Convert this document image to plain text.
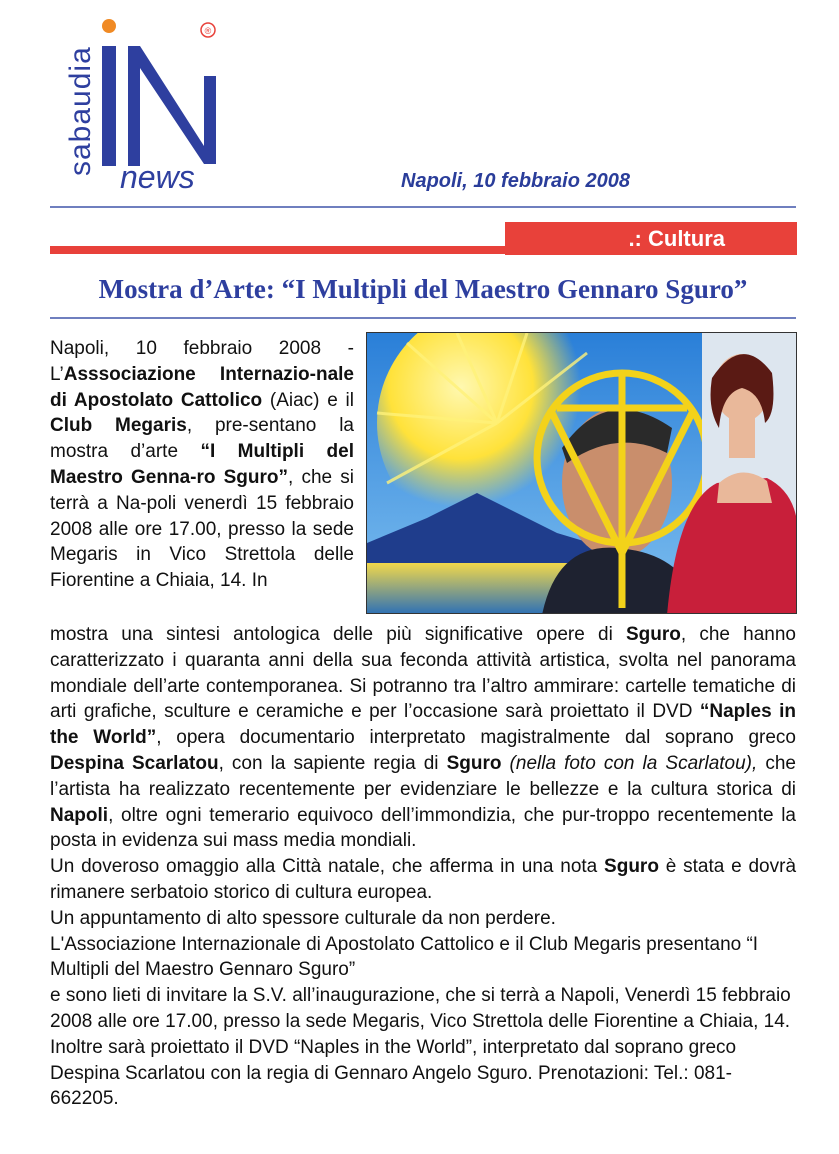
®
sabaudia
news	Napoli, 10 febbraio 2008
.: Cultura
Mostra d’Arte: “I Multipli del Maestro Gennaro Sguro”
Napoli, 10 febbraio 2008 - L’Asssociazione Internazio-nale di Apostolato Cattolico (Aiac) e il Club Megaris, pre-sentano la mostra d’arte “I Multipli del Maestro Genna-ro Sguro”, che si terrà a Na-poli venerdì 15 febbraio 2008 alle ore 17.00, presso la sede Megaris in Vico Strettola delle Fiorentine a Chiaia, 14. In

mostra una sintesi antologica delle più significative opere di Sguro, che hanno caratterizzato i quaranta anni della sua feconda attività artistica, svolta nel panorama mondiale dell’arte contemporanea. Si potranno tra l’altro ammirare: cartelle tematiche di arti grafiche, sculture e ceramiche e per l’occasione sarà proiettato il DVD “Naples in the World”, opera documentario interpretato magistralmente dal soprano greco Despina Scarlatou, con la sapiente regia di Sguro (nella foto con la Scarlatou), che l’artista ha realizzato recentemente per evidenziare le bellezze e la cultura storica di Napoli, oltre ogni temerario equivoco dell’immondizia, che pur-troppo recentemente la posta in evidenza sui mass media mondiali.

Un doveroso omaggio alla Città natale, che afferma in una nota Sguro è stata e dovrà rimanere serbatoio storico di cultura europea.

Un appuntamento di alto spessore culturale da non perdere.

L'Associazione Internazionale di Apostolato Cattolico e il Club Megaris presentano “I Multipli del Maestro Gennaro Sguro”

e sono lieti di invitare la S.V. all’inaugurazione, che si terrà a Napoli, Venerdì 15 febbraio 2008 alle ore 17.00, presso la sede Megaris, Vico Strettola delle Fiorentine a Chiaia, 14. Inoltre sarà proiettato il DVD “Naples in the World”, interpretato dal soprano greco Despina Scarlatou con la regia di Gennaro Angelo Sguro. Prenotazioni: Tel.: 081-662205.
